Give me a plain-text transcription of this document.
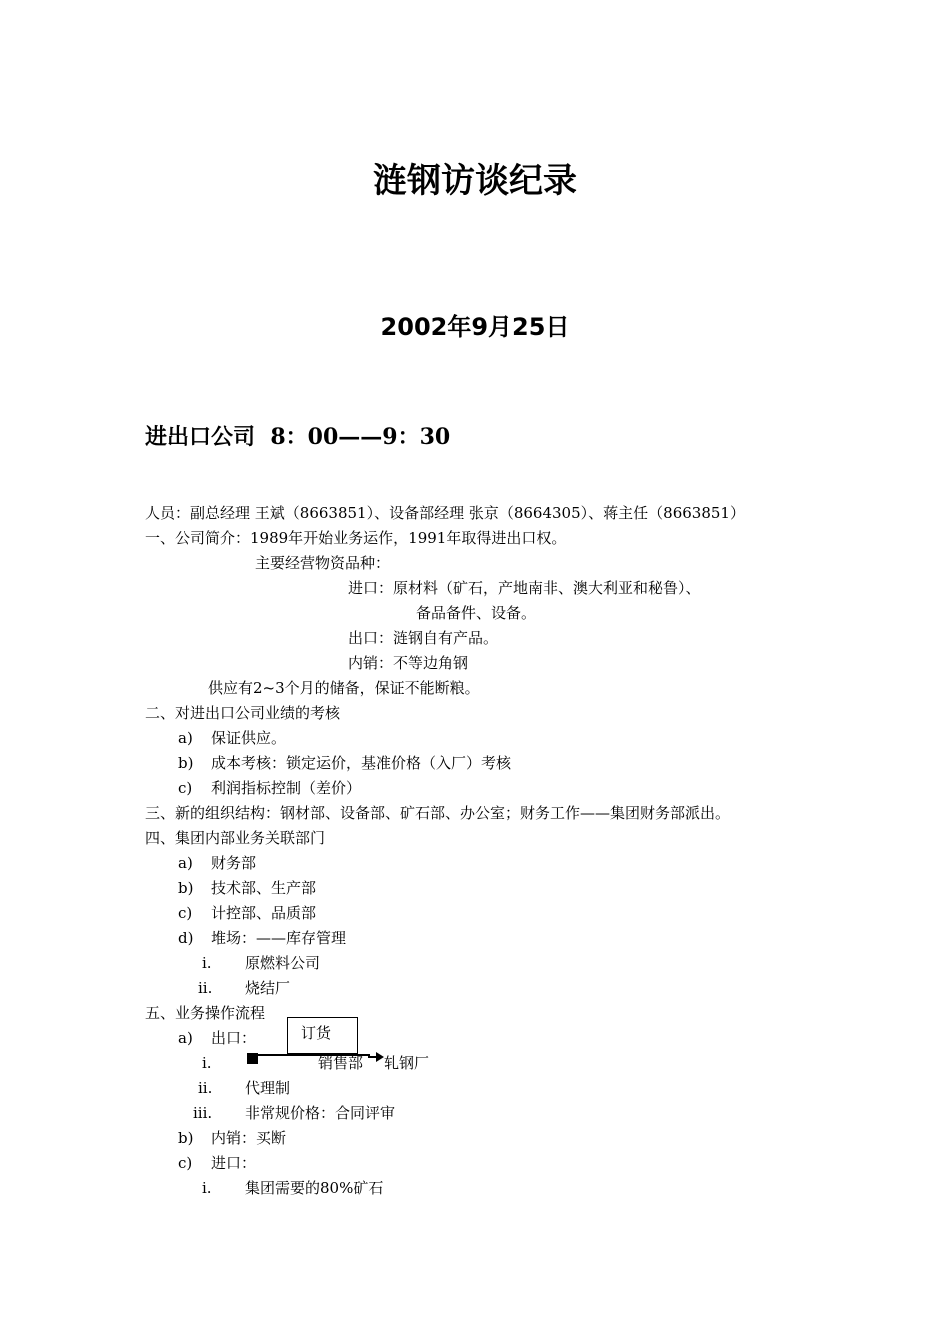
涟钢访谈纪录
2002年9月25日
进出口公司 8：00——9：30
人员：副总经理 王斌（8663851）、设备部经理 张京（8664305）、蒋主任（8663851）
一、公司简介：1989年开始业务运作，1991年取得进出口权。
主要经营物资品种：
进口：原材料（矿石，产地南非、澳大利亚和秘鲁）、
备品备件、设备。
出口：涟钢自有产品。
内销：不等边角钢
供应有2~3个月的储备，保证不能断粮。
二、对进出口公司业绩的考核
a) 保证供应。
b) 成本考核：锁定运价，基准价格（入厂）考核
c) 利润指标控制（差价）
三、新的组织结构：钢材部、设备部、矿石部、办公室；财务工作——集团财务部派出。
四、集团内部业务关联部门
a) 财务部
b) 技术部、生产部
c) 计控部、品质部
d) 堆场：——库存管理
i. 原燃料公司
ii. 烧结厂
五、业务操作流程
a) 出口：
i.	销售部 轧钢厂
订货
ii. 代理制
iii. 非常规价格：合同评审
b) 内销：买断
c) 进口：
i. 集团需要的80%矿石
